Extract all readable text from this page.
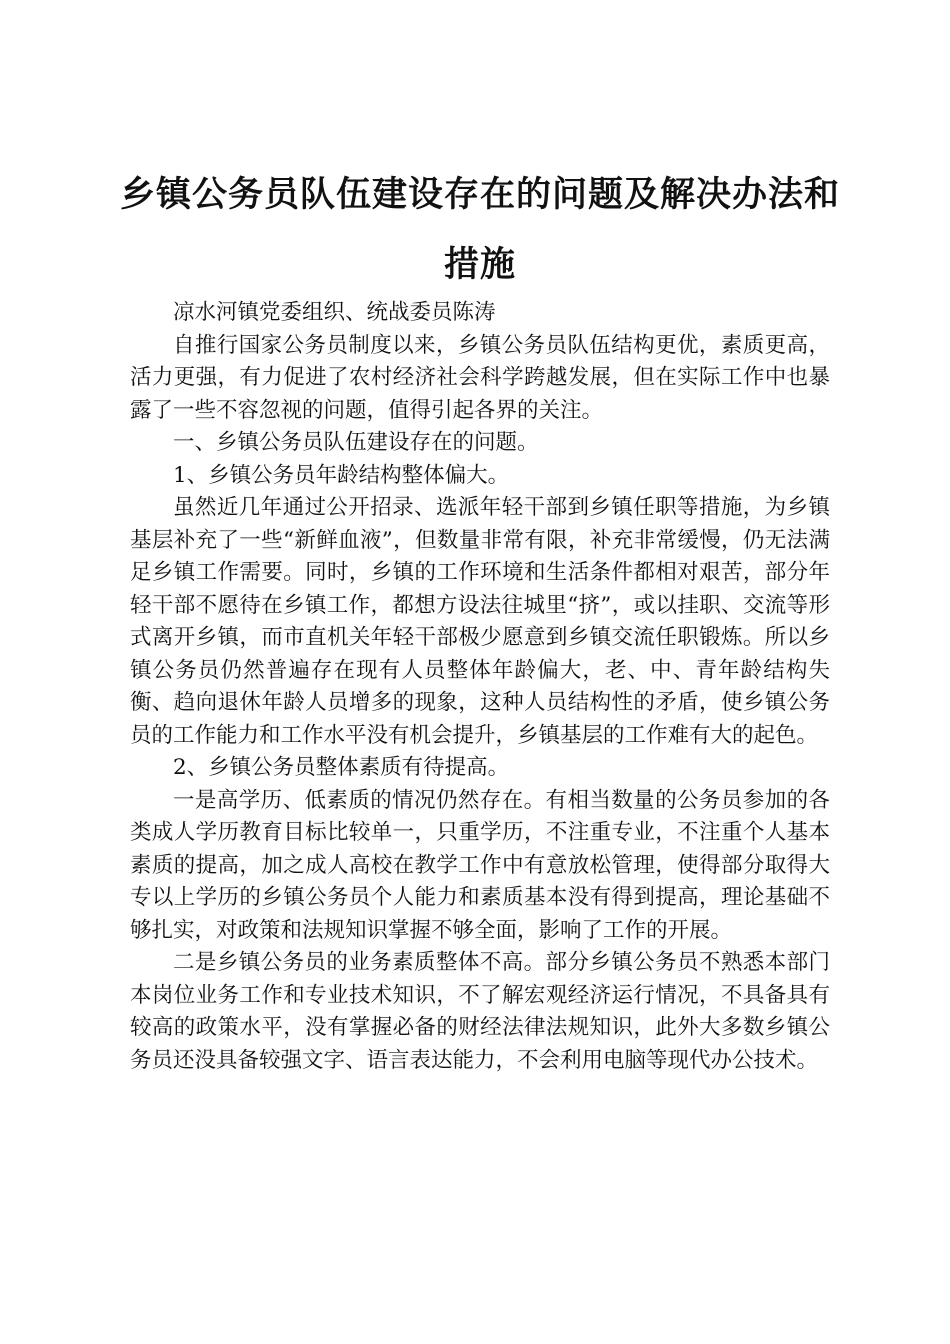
乡镇公务员队伍建设存在的问题及解决办法和措施

凉水河镇党委组织、统战委员陈涛

自推行国家公务员制度以来，乡镇公务员队伍结构更优，素质更高，活力更强，有力促进了农村经济社会科学跨越发展，但在实际工作中也暴露了一些不容忽视的问题，值得引起各界的关注。

一、乡镇公务员队伍建设存在的问题。

1、乡镇公务员年龄结构整体偏大。

虽然近几年通过公开招录、选派年轻干部到乡镇任职等措施，为乡镇基层补充了一些“新鲜血液”，但数量非常有限，补充非常缓慢，仍无法满足乡镇工作需要。同时，乡镇的工作环境和生活条件都相对艰苦，部分年轻干部不愿待在乡镇工作，都想方设法往城里“挤”，或以挂职、交流等形式离开乡镇，而市直机关年轻干部极少愿意到乡镇交流任职锻炼。所以乡镇公务员仍然普遍存在现有人员整体年龄偏大，老、中、青年龄结构失衡、趋向退休年龄人员增多的现象，这种人员结构性的矛盾，使乡镇公务员的工作能力和工作水平没有机会提升，乡镇基层的工作难有大的起色。

2、乡镇公务员整体素质有待提高。

一是高学历、低素质的情况仍然存在。有相当数量的公务员参加的各类成人学历教育目标比较单一，只重学历，不注重专业，不注重个人基本素质的提高，加之成人高校在教学工作中有意放松管理，使得部分取得大专以上学历的乡镇公务员个人能力和素质基本没有得到提高，理论基础不够扎实，对政策和法规知识掌握不够全面，影响了工作的开展。

二是乡镇公务员的业务素质整体不高。部分乡镇公务员不熟悉本部门本岗位业务工作和专业技术知识，不了解宏观经济运行情况，不具备具有较高的政策水平，没有掌握必备的财经法律法规知识，此外大多数乡镇公务员还没具备较强文字、语言表达能力，不会利用电脑等现代办公技术。
